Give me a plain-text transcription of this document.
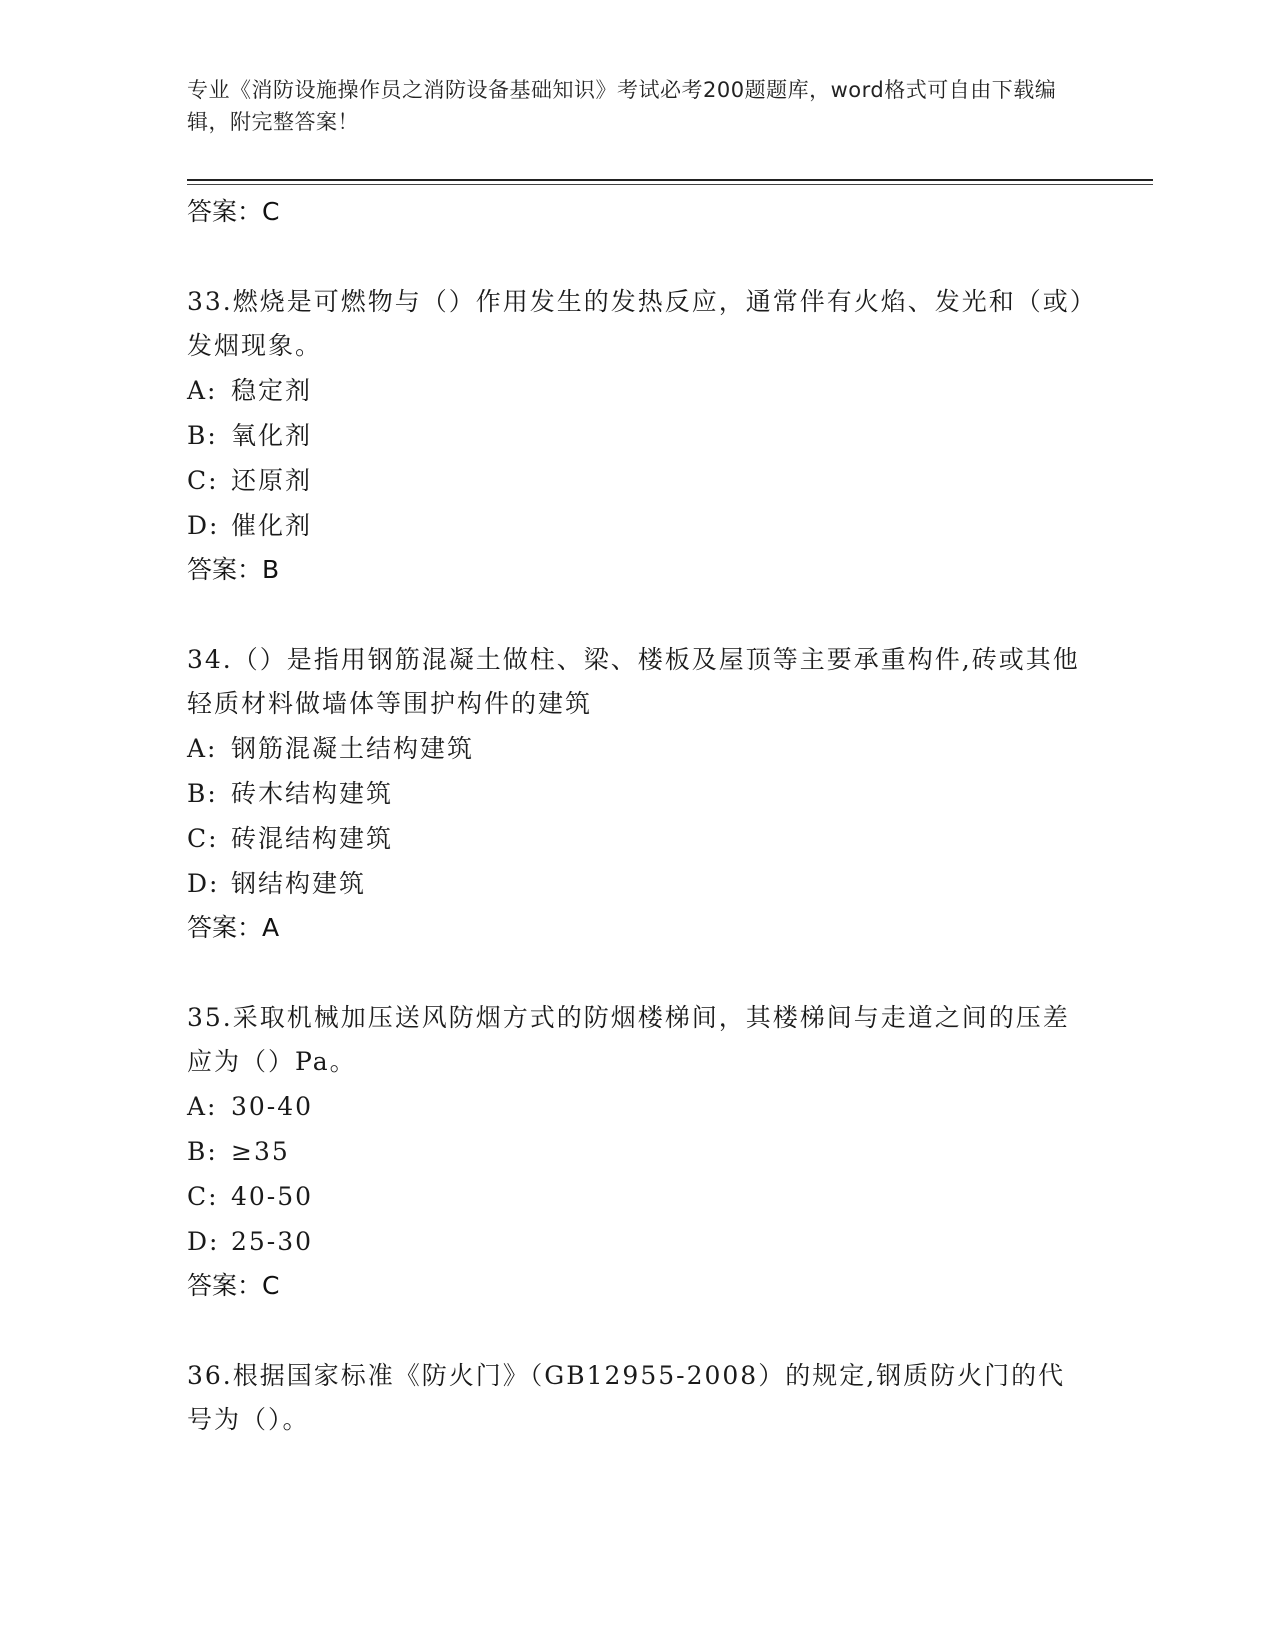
专业《消防设施操作员之消防设备基础知识》考试必考200题题库，word格式可自由下载编辑，附完整答案！
答案：C
33.燃烧是可燃物与（）作用发生的发热反应，通常伴有火焰、发光和（或）发烟现象。
A: 稳定剂
B: 氧化剂
C: 还原剂
D: 催化剂
答案：B
34.（）是指用钢筋混凝土做柱、梁、楼板及屋顶等主要承重构件,砖或其他轻质材料做墙体等围护构件的建筑
A: 钢筋混凝土结构建筑
B: 砖木结构建筑
C: 砖混结构建筑
D: 钢结构建筑
答案：A
35.采取机械加压送风防烟方式的防烟楼梯间，其楼梯间与走道之间的压差应为（）Pa。
A: 30-40
B: ≥35
C: 40-50
D: 25-30
答案：C
36.根据国家标准《防火门》（GB12955-2008）的规定,钢质防火门的代号为（）。
